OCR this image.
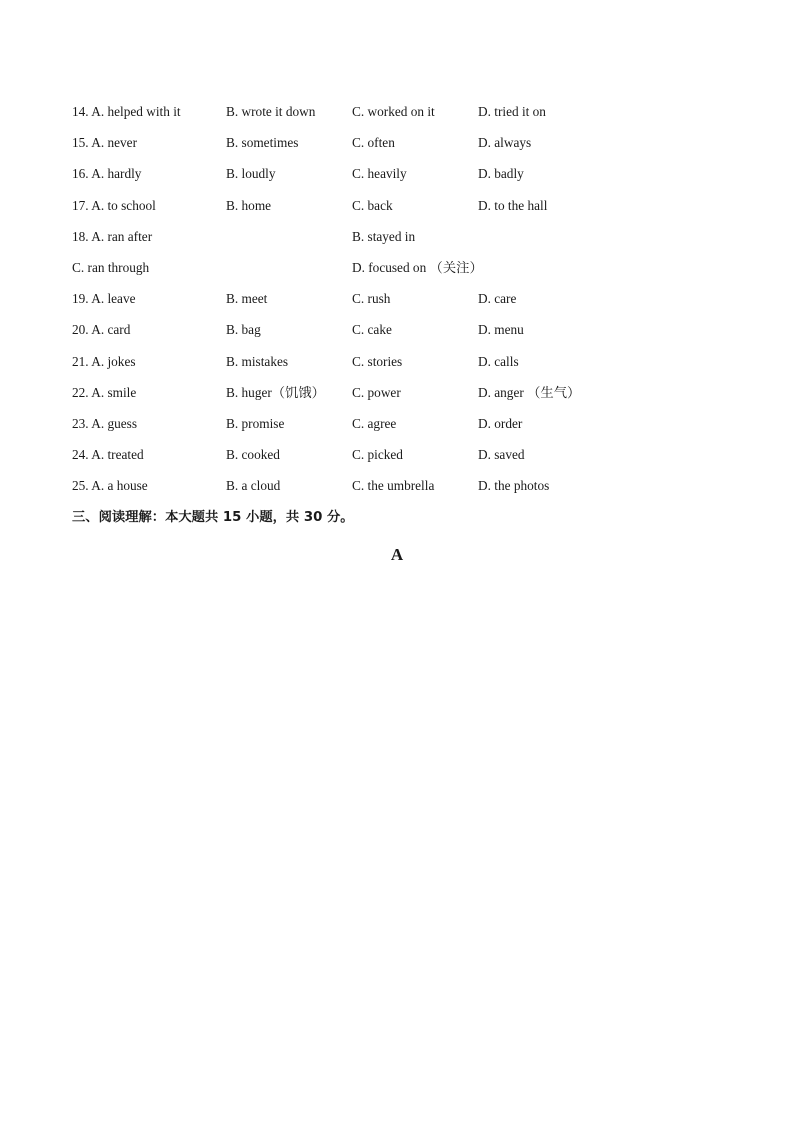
14. A. helped with it	B. wrote it down	C. worked on it	D. tried it on
15. A. never	B. sometimes	C. often	D. always
16. A. hardly	B. loudly	C. heavily	D. badly
17. A. to school	B. home	C. back	D. to the hall
18. A. ran after	B. stayed in
C. ran through	D. focused on （关注）
19. A. leave	B. meet	C. rush	D. care
20. A. card	B. bag	C. cake	D. menu
21. A. jokes	B. mistakes	C. stories	D. calls
22. A. smile	B. huger（饥饿） C. power	D. anger （生气）
23. A. guess	B. promise	C. agree	D. order
24. A. treated	B. cooked	C. picked	D. saved
25. A. a house	B. a cloud	C. the umbrella	D. the photos
三、阅读理解：本大题共 15 小题，共 30 分。
A
